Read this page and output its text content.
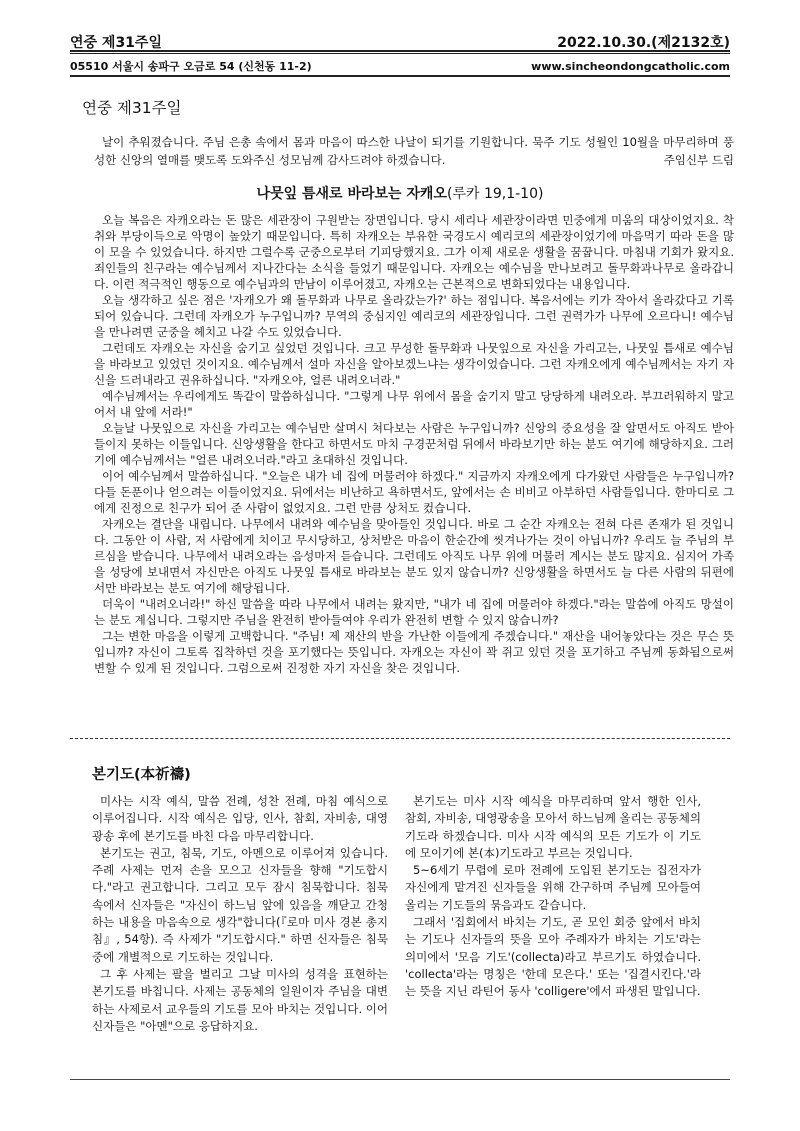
연중 제31주일	2022.10.30.(제2132호)
05510 서울시 송파구 오금로 54 (신천동 11-2)	www.sincheondongcatholic.com
연중 제31주일

날이 추워졌습니다. 주님 은총 속에서 몸과 마음이 따스한 나날이 되기를 기원합니다. 묵주 기도 성월인 10월을 마무리하며 풍성한 신앙의 열매를 맺도록 도와주신 성모님께 감사드려야 하겠습니다.	주임신부 드림

나뭇잎 틈새로 바라보는 자캐오(루카 19,1-10)

오늘 복음은 자캐오라는 돈 많은 세관장이 구원받는 장면입니다. 당시 세리나 세관장이라면 민중에게 미움의 대상이었지요. 착취와 부당이득으로 악명이 높았기 때문입니다. 특히 자캐오는 부유한 국경도시 예리코의 세관장이었기에 마음먹기 따라 돈을 많이 모을 수 있었습니다. 하지만 그럴수록 군중으로부터 기피당했지요. 그가 이제 새로운 생활을 꿈꿉니다. 마침내 기회가 왔지요. 죄인들의 친구라는 예수님께서 지나간다는 소식을 들었기 때문입니다. 자캐오는 예수님을 만나보려고 돌무화과나무로 올라갑니다. 이런 적극적인 행동으로 예수님과의 만남이 이루어졌고, 자캐오는 근본적으로 변화되었다는 내용입니다.

오늘 생각하고 싶은 점은 '자캐오가 왜 돌무화과 나무로 올라갔는가?' 하는 점입니다. 복음서에는 키가 작아서 올라갔다고 기록되어 있습니다. 그런데 자캐오가 누구입니까? 무역의 중심지인 예리코의 세관장입니다. 그런 권력가가 나무에 오르다니! 예수님을 만나려면 군중을 헤치고 나갈 수도 있었습니다.

그런데도 자캐오는 자신을 숨기고 싶었던 것입니다. 크고 무성한 돌무화과 나뭇잎으로 자신을 가리고는, 나뭇잎 틈새로 예수님을 바라보고 있었던 것이지요. 예수님께서 설마 자신을 알아보겠느냐는 생각이었습니다. 그런 자캐오에게 예수님께서는 자기 자신을 드러내라고 권유하십니다. "자캐오야, 얼른 내려오너라."

예수님께서는 우리에게도 똑같이 말씀하십니다. "그렇게 나무 위에서 몸을 숨기지 말고 당당하게 내려오라. 부끄러워하지 말고 어서 내 앞에 서라!"

오늘날 나뭇잎으로 자신을 가리고는 예수님만 살며시 쳐다보는 사람은 누구입니까? 신앙의 중요성을 잘 알면서도 아직도 받아들이지 못하는 이들입니다. 신앙생활을 한다고 하면서도 마치 구경꾼처럼 뒤에서 바라보기만 하는 분도 여기에 해당하지요. 그러기에 예수님께서는 "얼른 내려오너라."라고 초대하신 것입니다.

이어 예수님께서 말씀하십니다. "오늘은 내가 네 집에 머물러야 하겠다." 지금까지 자캐오에게 다가왔던 사람들은 누구입니까? 다들 돈푼이나 얻으려는 이들이었지요. 뒤에서는 비난하고 욕하면서도, 앞에서는 손 비비고 아부하던 사람들입니다. 한마디로 그에게 진정으로 친구가 되어 준 사람이 없었지요. 그런 만큼 상처도 컸습니다.

자캐오는 결단을 내립니다. 나무에서 내려와 예수님을 맞아들인 것입니다. 바로 그 순간 자캐오는 전혀 다른 존재가 된 것입니다. 그동안 이 사람, 저 사람에게 치이고 무시당하고, 상처받은 마음이 한순간에 씻겨나가는 것이 아닙니까? 우리도 늘 주님의 부르심을 받습니다. 나무에서 내려오라는 음성마저 듣습니다. 그런데도 아직도 나무 위에 머물러 계시는 분도 많지요. 심지어 가족을 성당에 보내면서 자신만은 아직도 나뭇잎 틈새로 바라보는 분도 있지 않습니까? 신앙생활을 하면서도 늘 다른 사람의 뒤편에서만 바라보는 분도 여기에 해당됩니다.

더욱이 "내려오너라!" 하신 말씀을 따라 나무에서 내려는 왔지만, "내가 네 집에 머물러야 하겠다."라는 말씀에 아직도 망설이는 분도 계십니다. 그렇지만 주님을 완전히 받아들여야 우리가 완전히 변할 수 있지 않습니까?

그는 변한 마음을 이렇게 고백합니다. "주님! 제 재산의 반을 가난한 이들에게 주겠습니다." 재산을 내어놓았다는 것은 무슨 뜻입니까? 자신이 그토록 집착하던 것을 포기했다는 뜻입니다. 자캐오는 자신이 꽉 쥐고 있던 것을 포기하고 주님께 동화됨으로써 변할 수 있게 된 것입니다. 그럼으로써 진정한 자기 자신을 찾은 것입니다.

본기도(本祈禱)

미사는 시작 예식, 말씀 전례, 성찬 전례, 마침 예식으로 이루어집니다. 시작 예식은 입당, 인사, 참회, 자비송, 대영광송 후에 본기도를 바친 다음 마무리합니다.

본기도는 권고, 침묵, 기도, 아멘으로 이루어져 있습니다. 주례 사제는 먼저 손을 모으고 신자들을 향해 "기도합시다."라고 권고합니다. 그리고 모두 잠시 침묵합니다. 침묵 속에서 신자들은 "자신이 하느님 앞에 있음을 깨닫고 간청하는 내용을 마음속으로 생각"합니다(『로마 미사 경본 총지침』, 54항). 즉 사제가 "기도합시다." 하면 신자들은 침묵 중에 개별적으로 기도하는 것입니다.

그 후 사제는 팔을 벌리고 그날 미사의 성격을 표현하는 본기도를 바칩니다. 사제는 공동체의 일원이자 주님을 대변하는 사제로서 교우들의 기도를 모아 바치는 것입니다. 이어 신자들은 "아멘"으로 응답하지요.

본기도는 미사 시작 예식을 마무리하며 앞서 행한 인사, 참회, 자비송, 대영광송을 모아서 하느님께 올리는 공동체의 기도라 하겠습니다. 미사 시작 예식의 모든 기도가 이 기도에 모이기에 본(本)기도라고 부르는 것입니다.

5~6세기 무렵에 로마 전례에 도입된 본기도는 집전자가 자신에게 맡겨진 신자들을 위해 간구하며 주님께 모아들여 올리는 기도들의 묶음과도 같습니다.

그래서 '집회에서 바치는 기도, 곧 모인 회중 앞에서 바치는 기도나 신자들의 뜻을 모아 주례자가 바치는 기도'라는 의미에서 '모음 기도'(collecta)라고 부르기도 하였습니다. 'collecta'라는 명칭은 '한데 모은다.' 또는 '집결시킨다.'라는 뜻을 지닌 라틴어 동사 'colligere'에서 파생된 말입니다.
